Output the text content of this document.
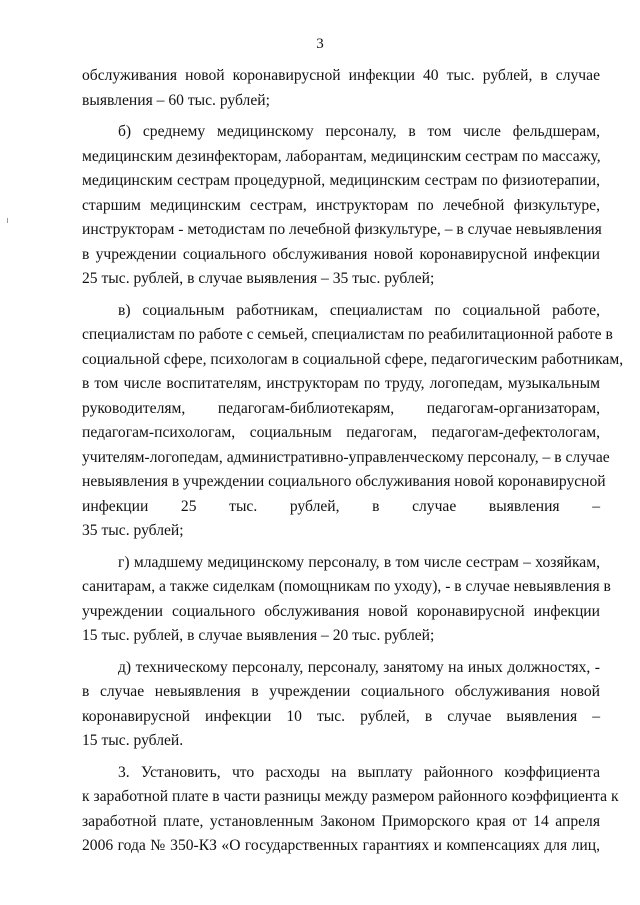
3
обслуживания новой коронавирусной инфекции 40 тыс. рублей, в случае
выявления – 60 тыс. рублей;
б) среднему медицинскому персоналу, в том числе фельдшерам,
медицинским дезинфекторам, лаборантам, медицинским сестрам по массажу,
медицинским сестрам процедурной, медицинским сестрам по физиотерапии,
старшим медицинским сестрам, инструкторам по лечебной физкультуре,
инструкторам - методистам по лечебной физкультуре, – в случае невыявления
в учреждении социального обслуживания новой коронавирусной инфекции
25 тыс. рублей, в случае выявления – 35 тыс. рублей;
в) социальным работникам, специалистам по социальной работе,
специалистам по работе с семьей, специалистам по реабилитационной работе в
социальной сфере, психологам в социальной сфере, педагогическим работникам,
в том числе воспитателям, инструкторам по труду, логопедам, музыкальным
руководителям, педагогам-библиотекарям, педагогам-организаторам,
педагогам-психологам, социальным педагогам, педагогам-дефектологам,
учителям-логопедам, административно-управленческому персоналу, – в случае
невыявления в учреждении социального обслуживания новой коронавирусной
инфекции 25 тыс. рублей, в случае выявления –
35 тыс. рублей;
г) младшему медицинскому персоналу, в том числе сестрам – хозяйкам,
санитарам, а также сиделкам (помощникам по уходу), - в случае невыявления в
учреждении социального обслуживания новой коронавирусной инфекции
15 тыс. рублей, в случае выявления – 20 тыс. рублей;
д) техническому персоналу, персоналу, занятому на иных должностях, -
в случае невыявления в учреждении социального обслуживания новой
коронавирусной инфекции 10 тыс. рублей, в случае выявления –
15 тыс. рублей.
3. Установить, что расходы на выплату районного коэффициента
к заработной плате в части разницы между размером районного коэффициента к
заработной плате, установленным Законом Приморского края от 14 апреля
2006 года № 350-КЗ «О государственных гарантиях и компенсациях для лиц,
